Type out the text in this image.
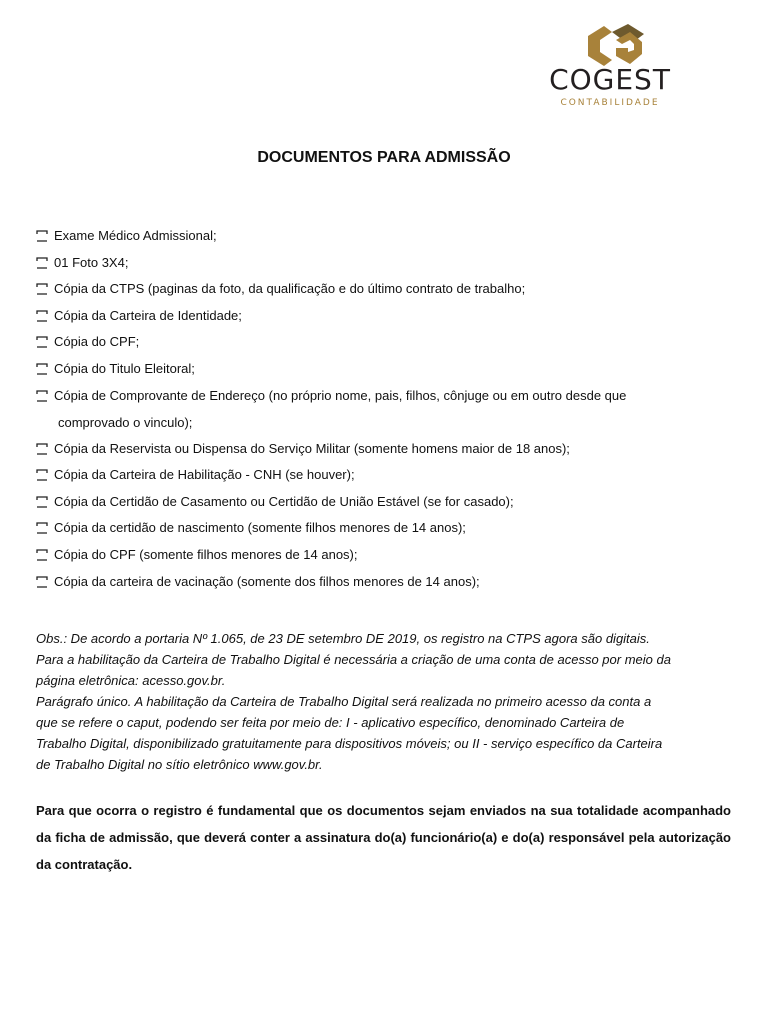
COGEST
CONTABILIDADE
DOCUMENTOS PARA ADMISSÃO
Exame Médico Admissional;
01 Foto 3X4;
Cópia da CTPS (paginas da foto, da qualificação e do último contrato de trabalho;
Cópia da Carteira de Identidade;
Cópia do CPF;
Cópia do Titulo Eleitoral;
Cópia de Comprovante de Endereço (no próprio nome, pais, filhos, cônjuge ou em outro desde que
comprovado o vinculo);
Cópia da Reservista ou Dispensa do Serviço Militar (somente homens maior de 18 anos);
Cópia da Carteira de Habilitação - CNH (se houver);
Cópia da Certidão de Casamento ou Certidão de União Estável (se for casado);
Cópia da certidão de nascimento (somente filhos menores de 14 anos);
Cópia do CPF (somente filhos menores de 14 anos);
Cópia da carteira de vacinação (somente dos filhos menores de 14 anos);

Obs.: De acordo a portaria Nº 1.065, de 23 DE setembro DE 2019, os registro na CTPS agora são digitais.

Para a habilitação da Carteira de Trabalho Digital é necessária a criação de uma conta de acesso por meio da

página eletrônica: acesso.gov.br.

Parágrafo único. A habilitação da Carteira de Trabalho Digital será realizada no primeiro acesso da conta a

que se refere o caput, podendo ser feita por meio de: I - aplicativo específico, denominado Carteira de

Trabalho Digital, disponibilizado gratuitamente para dispositivos móveis; ou II - serviço específico da Carteira

de Trabalho Digital no sítio eletrônico www.gov.br.

Para que ocorra o registro é fundamental que os documentos sejam enviados na sua totalidade acompanhado da ficha de admissão, que deverá conter a assinatura do(a) funcionário(a) e do(a) responsável pela autorização da contratação.
